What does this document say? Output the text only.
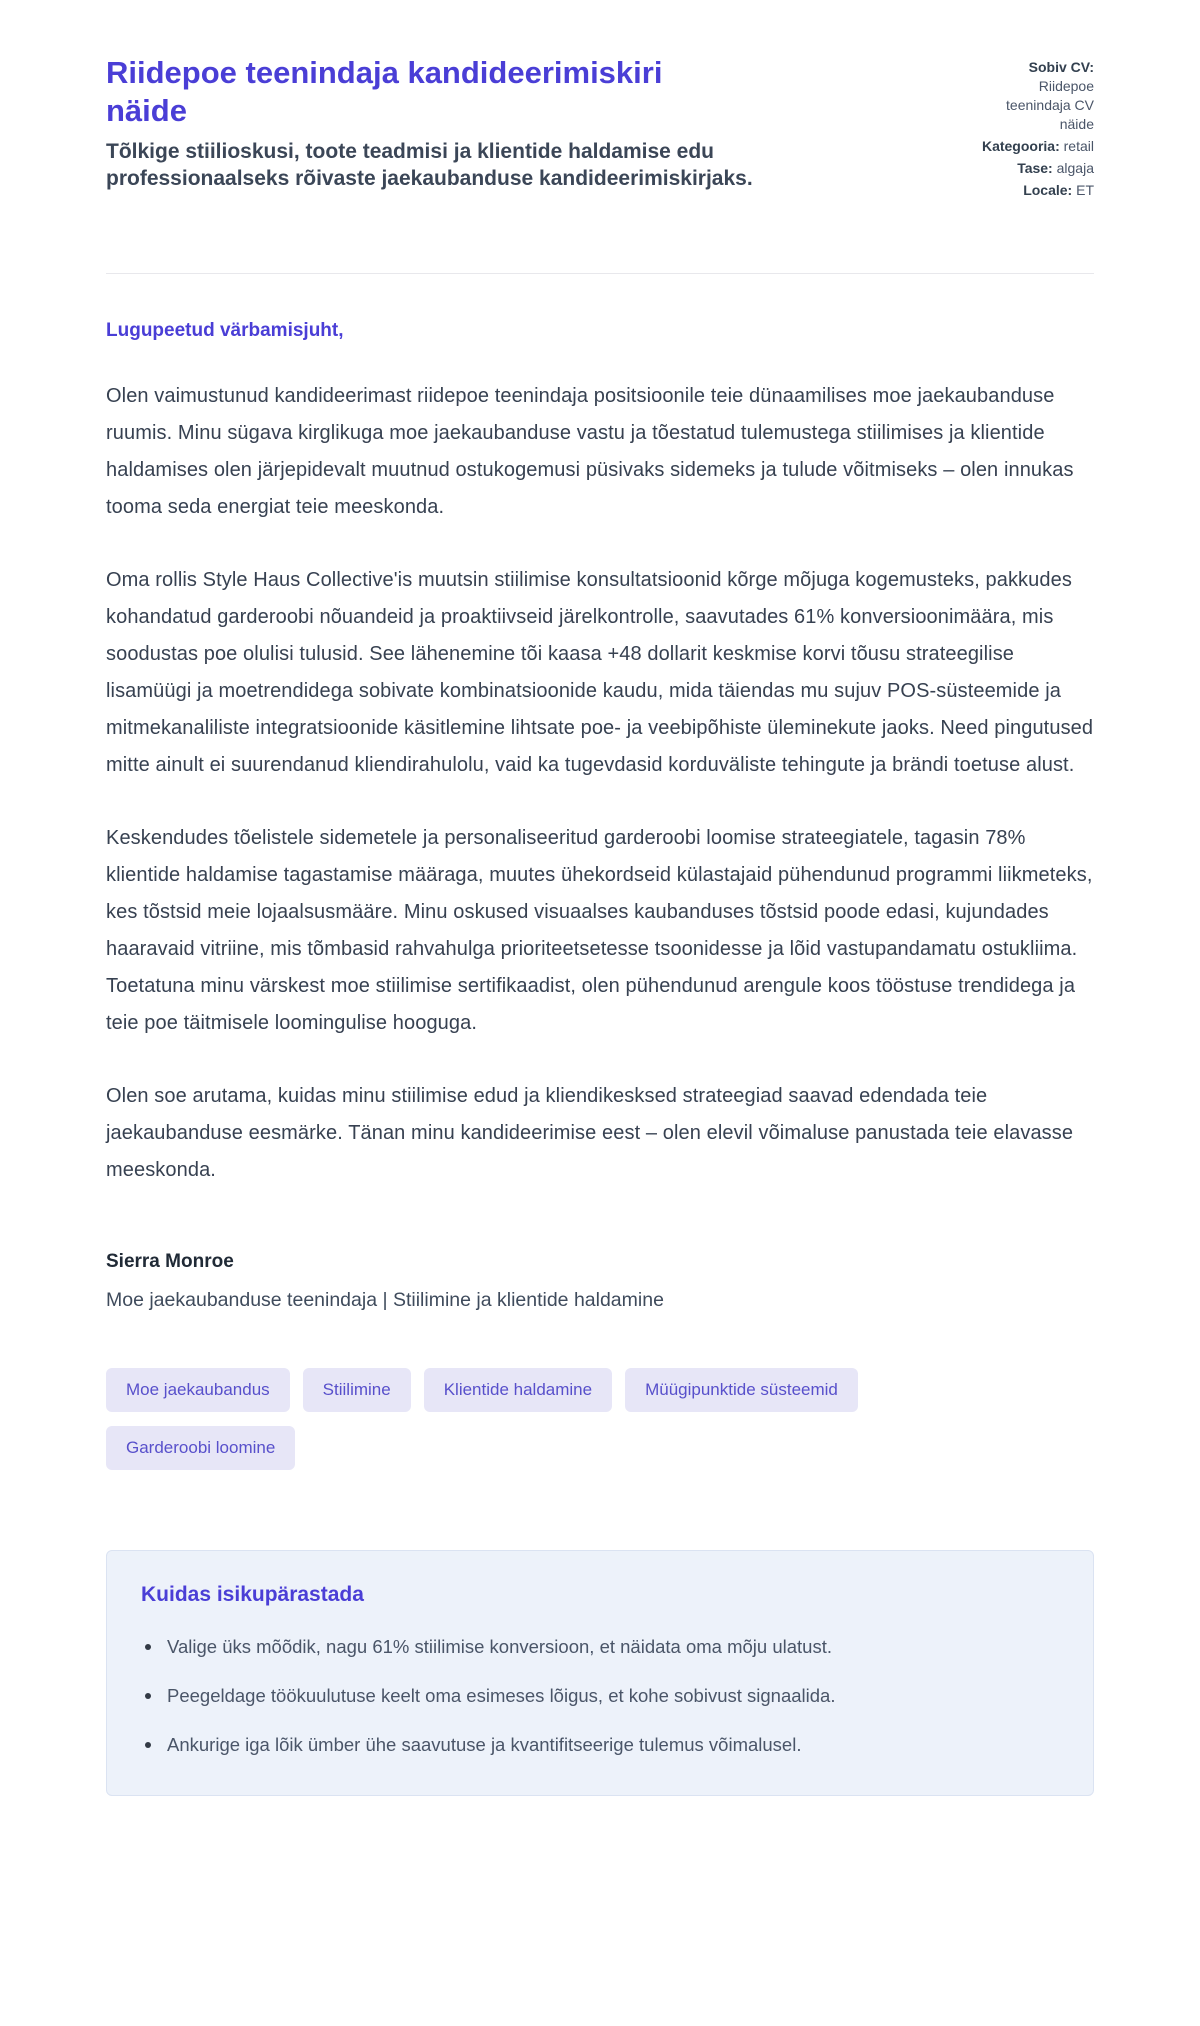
Riidepoe teenindaja kandideerimiskiri näide
Tõlkige stiilioskusi, toote teadmisi ja klientide haldamise edu professionaalseks rõivaste jaekaubanduse kandideerimiskirjaks.
Sobiv CV: Riidepoe teenindaja CV näide
Kategooria: retail
Tase: algaja
Locale: ET
Lugupeetud värbamisjuht,

Olen vaimustunud kandideerimast riidepoe teenindaja positsioonile teie dünaamilises moe jaekaubanduse ruumis. Minu sügava kirglikuga moe jaekaubanduse vastu ja tõestatud tulemustega stiilimises ja klientide haldamises olen järjepidevalt muutnud ostukogemusi püsivaks sidemeks ja tulude võitmiseks – olen innukas tooma seda energiat teie meeskonda.

Oma rollis Style Haus Collective'is muutsin stiilimise konsultatsioonid kõrge mõjuga kogemusteks, pakkudes kohandatud garderoobi nõuandeid ja proaktiivseid järelkontrolle, saavutades 61% konversioonimäära, mis soodustas poe olulisi tulusid. See lähenemine tõi kaasa +48 dollarit keskmise korvi tõusu strateegilise lisamüügi ja moetrendidega sobivate kombinatsioonide kaudu, mida täiendas mu sujuv POS-süsteemide ja mitmekanaliliste integratsioonide käsitlemine lihtsate poe- ja veebipõhiste üleminekute jaoks. Need pingutused mitte ainult ei suurendanud kliendirahulolu, vaid ka tugevdasid korduväliste tehingute ja brändi toetuse alust.

Keskendudes tõelistele sidemetele ja personaliseeritud garderoobi loomise strateegiatele, tagasin 78% klientide haldamise tagastamise määraga, muutes ühekordseid külastajaid pühendunud programmi liikmeteks, kes tõstsid meie lojaalsusmääre. Minu oskused visuaalses kaubanduses tõstsid poode edasi, kujundades haaravaid vitriine, mis tõmbasid rahvahulga prioriteetsetesse tsoonidesse ja lõid vastupandamatu ostukliima. Toetatuna minu värskest moe stiilimise sertifikaadist, olen pühendunud arengule koos tööstuse trendidega ja teie poe täitmisele loomingulise hooguga.

Olen soe arutama, kuidas minu stiilimise edud ja kliendikesksed strateegiad saavad edendada teie jaekaubanduse eesmärke. Tänan minu kandideerimise eest – olen elevil võimaluse panustada teie elavasse meeskonda.

Sierra Monroe
Moe jaekaubanduse teenindaja | Stiilimine ja klientide haldamine
Moe jaekaubandus	Stiilimine	Klientide haldamine	Müügipunktide süsteemid
Garderoobi loomine
Kuidas isikupärastada
Valige üks mõõdik, nagu 61% stiilimise konversioon, et näidata oma mõju ulatust.
Peegeldage töökuulutuse keelt oma esimeses lõigus, et kohe sobivust signaalida.
Ankurige iga lõik ümber ühe saavutuse ja kvantifitseerige tulemus võimalusel.
